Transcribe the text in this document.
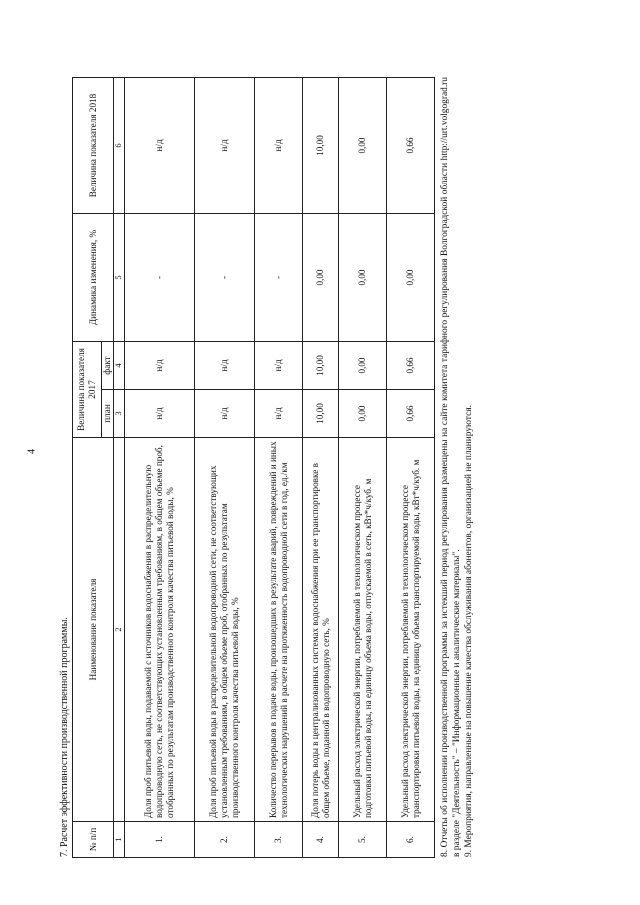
4
7. Расчет эффективности производственной программы. № п/п	Наименование показателя	Величина показателя 2017		Динамика изменения, %	Величина показателя 2018
		план	факт		
1	2	3	4	5	6
1.	Доля проб питьевой воды, подаваемой с источников водоснабжения в распределительную водопроводную сеть, не соответствующих установленным требованиям, в общем объеме проб, отобранных по результатам производственного контроля качества питьевой воды, %	н/д	н/д	-	н/д
2.	Доля проб питьевой воды в распределительной водопроводной сети, не соответствующих установленным требованиям, в общем объеме проб, отобранных по результатам производственного контроля качества питьевой воды, %	н/д	н/д	-	н/д
3.	Количество перерывов в подаче воды, произошедших в результате аварий, повреждений и иных технологических нарушений в расчете на протяженность водопроводной сети в год, ед./км	н/д	н/д	-	н/д
4.	Доля потерь воды в централизованных системах водоснабжения при ее транспортировке в общем объеме, поданной в водопроводную сеть, %	10,00	10,00	0,00	10,00
5.	Удельный расход электрической энергии, потребляемой в технологическом процессе подготовки питьевой воды, на единицу объема воды, отпускаемой в сеть, кВт*ч/куб. м	0,00	0,00	0,00	0,00
6.	Удельный расход электрической энергии, потребляемой в технологическом процессе транспортировки питьевой воды, на единицу объема транспортируемой воды, кВт*ч/куб. м	0,66	0,66	0,00	0,66	8. Отчеты об исполнении производственной программы за истекший период регулирования размещены на сайте комитета тарифного регулирования Волгоградской области http://urt.volgograd.ru в разделе "Деятельность" – "Информационные и аналитические материалы". 9. Мероприятия, направленные на повышение качества обслуживания абонентов, организацией не планируются.
